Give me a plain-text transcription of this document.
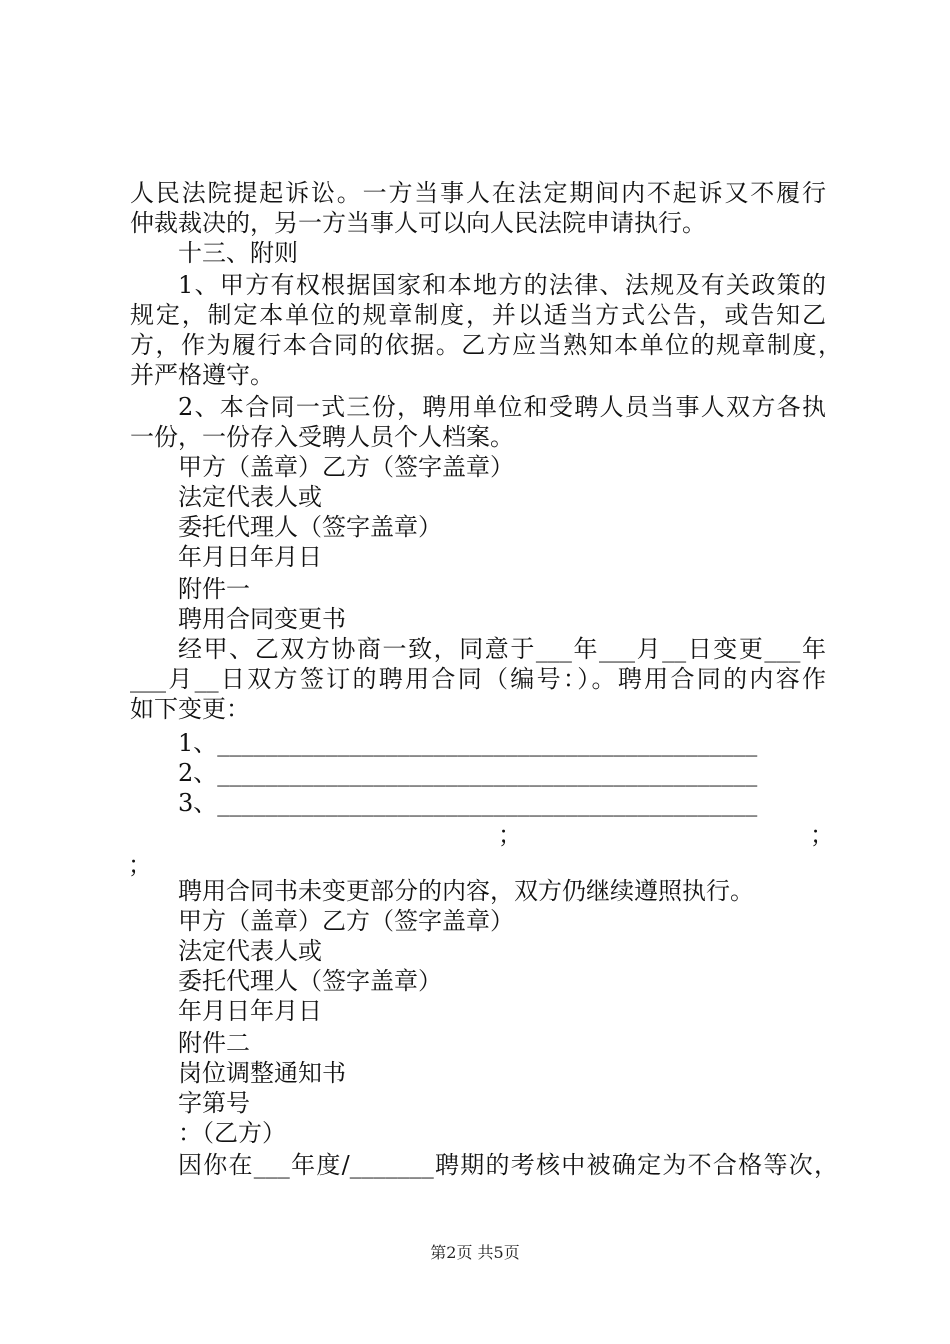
人民法院提起诉讼。一方当事人在法定期间内不起诉又不履行
仲裁裁决的，另一方当事人可以向人民法院申请执行。
十三、附则
1、甲方有权根据国家和本地方的法律、法规及有关政策的
规定，制定本单位的规章制度，并以适当方式公告，或告知乙
方，作为履行本合同的依据。乙方应当熟知本单位的规章制度，
并严格遵守。
2、本合同一式三份，聘用单位和受聘人员当事人双方各执
一份，一份存入受聘人员个人档案。
甲方（盖章）乙方（签字盖章）
法定代表人或
委托代理人（签字盖章）
年月日年月日
附件一
聘用合同变更书
经甲、乙双方协商一致，同意于___年___月__日变更___年
___月__日双方签订的聘用合同（编号：）。聘用合同的内容作
如下变更：
1、_____________________________________________
2、_____________________________________________
3、_____________________________________________
；	；
；
聘用合同书未变更部分的内容，双方仍继续遵照执行。
甲方（盖章）乙方（签字盖章）
法定代表人或
委托代理人（签字盖章）
年月日年月日
附件二
岗位调整通知书
字第号
：（乙方）
因你在___年度/_______聘期的考核中被确定为不合格等次，
第2页 共5页
